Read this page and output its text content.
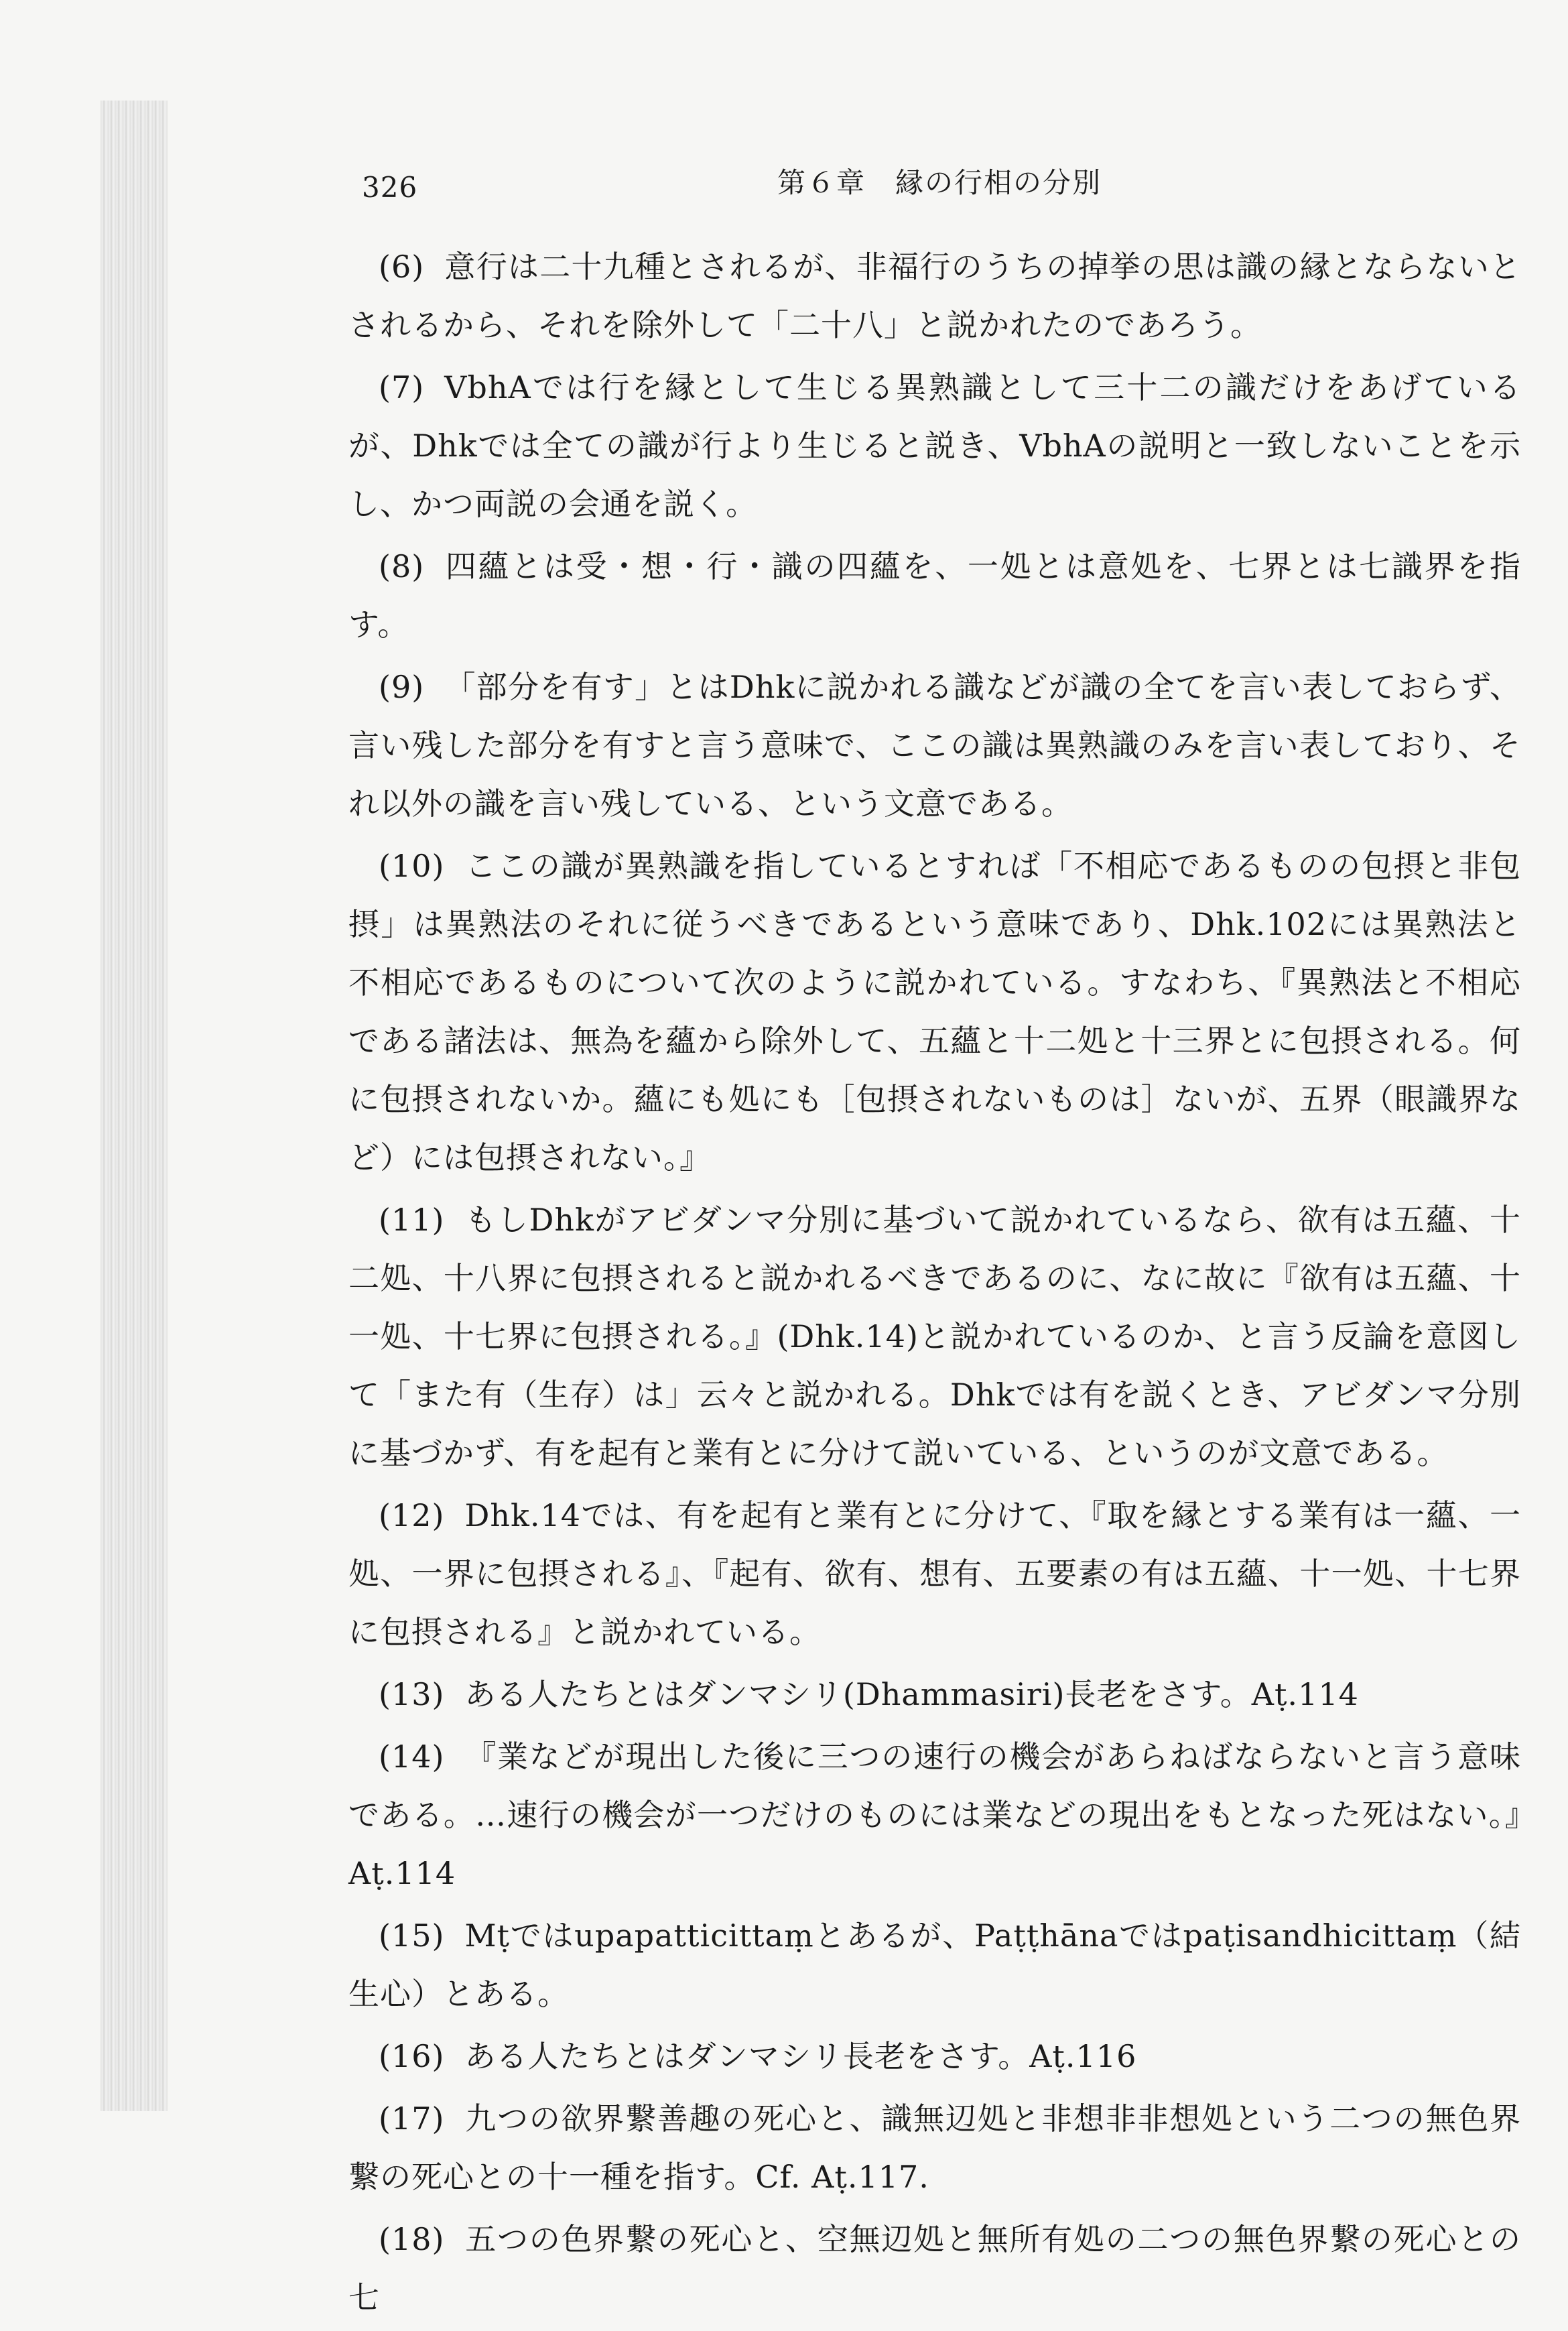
326	第６章　縁の行相の分別

(6) 意行は二十九種とされるが、非福行のうちの掉挙の思は識の縁とならないとされるから、それを除外して「二十八」と説かれたのであろう。

(7) VbhAでは行を縁として生じる異熟識として三十二の識だけをあげているが、Dhkでは全ての識が行より生じると説き、VbhAの説明と一致しないことを示し、かつ両説の会通を説く。

(8) 四蘊とは受・想・行・識の四蘊を、一処とは意処を、七界とは七識界を指す。

(9) 「部分を有す」とはDhkに説かれる識などが識の全てを言い表しておらず、言い残した部分を有すと言う意味で、ここの識は異熟識のみを言い表しており、それ以外の識を言い残している、という文意である。

(10) ここの識が異熟識を指しているとすれば「不相応であるものの包摂と非包摂」は異熟法のそれに従うべきであるという意味であり、Dhk.102には異熟法と不相応であるものについて次のように説かれている。すなわち、『異熟法と不相応である諸法は、無為を蘊から除外して、五蘊と十二処と十三界とに包摂される。何に包摂されないか。蘊にも処にも［包摂されないものは］ないが、五界（眼識界など）には包摂されない。』

(11) もしDhkがアビダンマ分別に基づいて説かれているなら、欲有は五蘊、十二処、十八界に包摂されると説かれるべきであるのに、なに故に『欲有は五蘊、十一処、十七界に包摂される。』(Dhk.14)と説かれているのか、と言う反論を意図して「また有（生存）は」云々と説かれる。Dhkでは有を説くとき、アビダンマ分別に基づかず、有を起有と業有とに分けて説いている、というのが文意である。

(12) Dhk.14では、有を起有と業有とに分けて、『取を縁とする業有は一蘊、一処、一界に包摂される』、『起有、欲有、想有、五要素の有は五蘊、十一処、十七界に包摂される』と説かれている。

(13) ある人たちとはダンマシリ(Dhammasiri)長老をさす。Aṭ.114

(14) 『業などが現出した後に三つの速行の機会があらねばならないと言う意味である。…速行の機会が一つだけのものには業などの現出をもとなった死はない。』Aṭ.114

(15) Mṭではupapatticittaṃとあるが、Paṭṭhānaではpaṭisandhicittaṃ（結生心）とある。

(16) ある人たちとはダンマシリ長老をさす。Aṭ.116

(17) 九つの欲界繋善趣の死心と、識無辺処と非想非非想処という二つの無色界繋の死心との十一種を指す。Cf. Aṭ.117.

(18) 五つの色界繋の死心と、空無辺処と無所有処の二つの無色界繋の死心との七
